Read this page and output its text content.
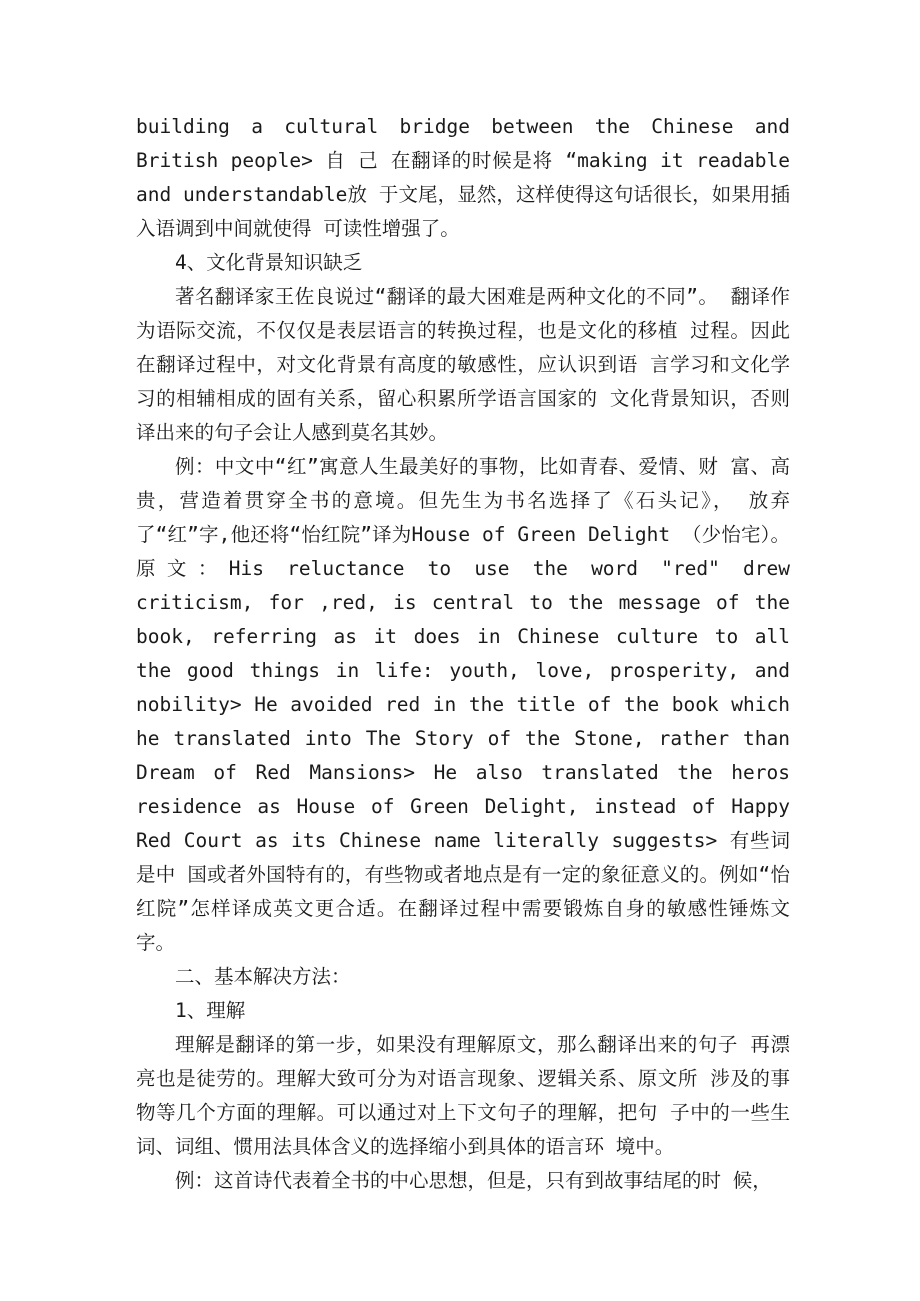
building a cultural bridge between the Chinese and British people> 自 己 在翻译的时候是将 “making it readable and understandable放 于文尾，显然，这样使得这句话很长，如果用插入语调到中间就使得 可读性增强了。

4、文化背景知识缺乏

著名翻译家王佐良说过“翻译的最大困难是两种文化的不同”。 翻译作为语际交流，不仅仅是表层语言的转换过程，也是文化的移植 过程。因此在翻译过程中，对文化背景有高度的敏感性，应认识到语 言学习和文化学习的相辅相成的固有关系，留心积累所学语言国家的 文化背景知识，否则译出来的句子会让人感到莫名其妙。

例：中文中“红”寓意人生最美好的事物，比如青春、爱情、财 富、高贵，营造着贯穿全书的意境。但先生为书名选择了《石头记》， 放弃了“红”字,他还将“怡红院”译为House of Green Delight （少怡宅）。原文：His reluctance to use the word "red" drew criticism, for ,red, is central to the message of the book, referring as it does in Chinese culture to all the good things in life: youth, love, prosperity, and nobility> He avoided red in the title of the book which he translated into The Story of the Stone, rather than Dream of Red Mansions> He also translated the heros residence as House of Green Delight, instead of Happy Red Court as its Chinese name literally suggests> 有些词是中 国或者外国特有的，有些物或者地点是有一定的象征意义的。例如“怡 红院”怎样译成英文更合适。在翻译过程中需要锻炼自身的敏感性锤炼文字。

二、基本解决方法：

1、理解

理解是翻译的第一步，如果没有理解原文，那么翻译出来的句子 再漂亮也是徒劳的。理解大致可分为对语言现象、逻辑关系、原文所 涉及的事物等几个方面的理解。可以通过对上下文句子的理解，把句 子中的一些生词、词组、惯用法具体含义的选择缩小到具体的语言环 境中。

例：这首诗代表着全书的中心思想，但是，只有到故事结尾的时 候，
